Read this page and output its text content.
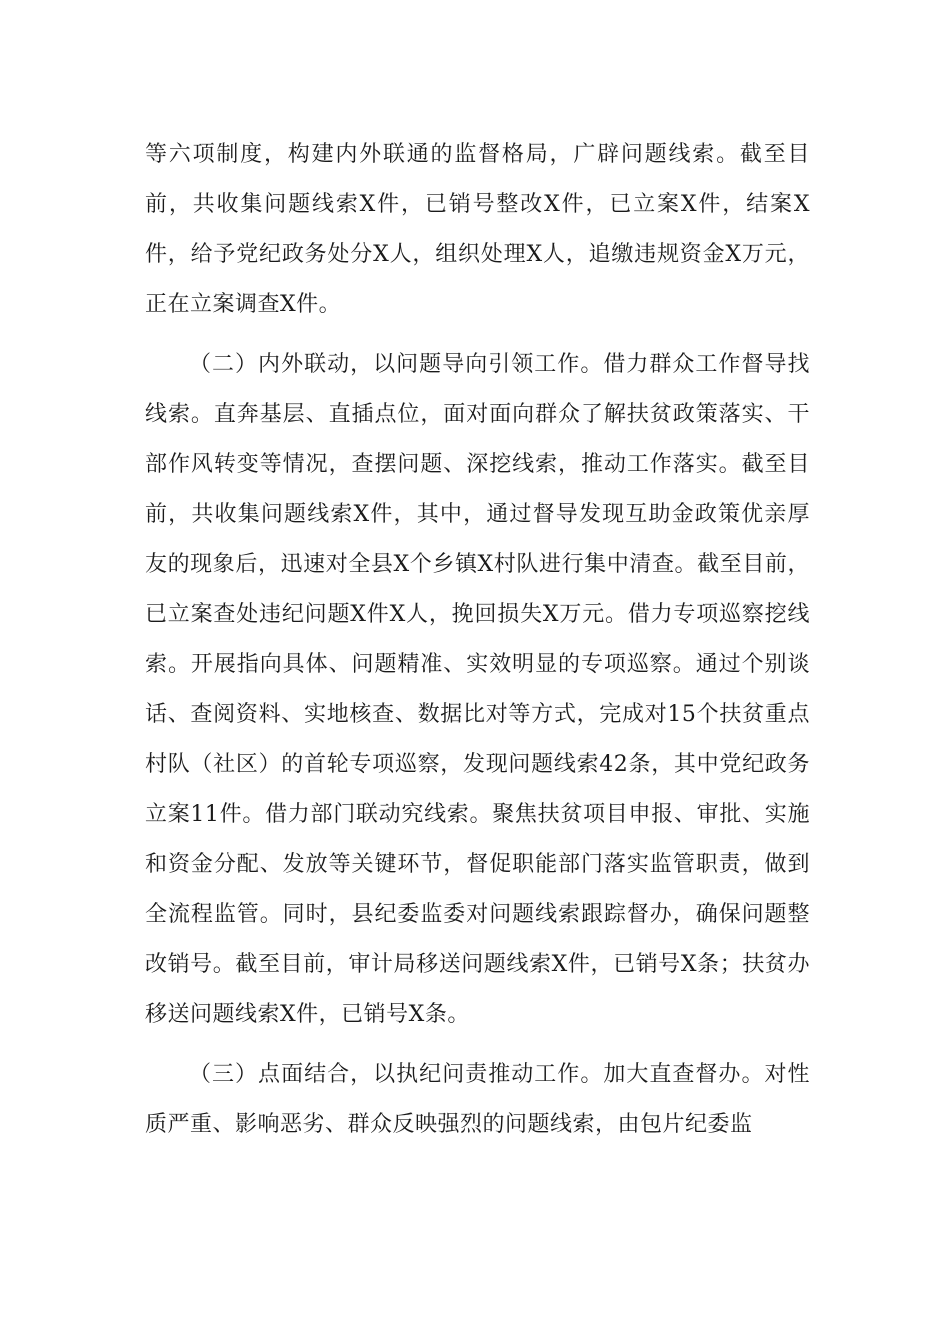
等六项制度，构建内外联通的监督格局，广辟问题线索。截至目前，共收集问题线索X件，已销号整改X件，已立案X件，结案X件，给予党纪政务处分X人，组织处理X人，追缴违规资金X万元，正在立案调查X件。

（二）内外联动，以问题导向引领工作。借力群众工作督导找线索。直奔基层、直插点位，面对面向群众了解扶贫政策落实、干部作风转变等情况，查摆问题、深挖线索，推动工作落实。截至目前，共收集问题线索X件，其中，通过督导发现互助金政策优亲厚友的现象后，迅速对全县X个乡镇X村队进行集中清查。截至目前，已立案查处违纪问题X件X人，挽回损失X万元。借力专项巡察挖线索。开展指向具体、问题精准、实效明显的专项巡察。通过个别谈话、查阅资料、实地核查、数据比对等方式，完成对15个扶贫重点村队（社区）的首轮专项巡察，发现问题线索42条，其中党纪政务立案11件。借力部门联动究线索。聚焦扶贫项目申报、审批、实施和资金分配、发放等关键环节，督促职能部门落实监管职责，做到全流程监管。同时，县纪委监委对问题线索跟踪督办，确保问题整改销号。截至目前，审计局移送问题线索X件，已销号X条；扶贫办移送问题线索X件，已销号X条。

（三）点面结合，以执纪问责推动工作。加大直查督办。对性质严重、影响恶劣、群众反映强烈的问题线索，由包片纪委监
